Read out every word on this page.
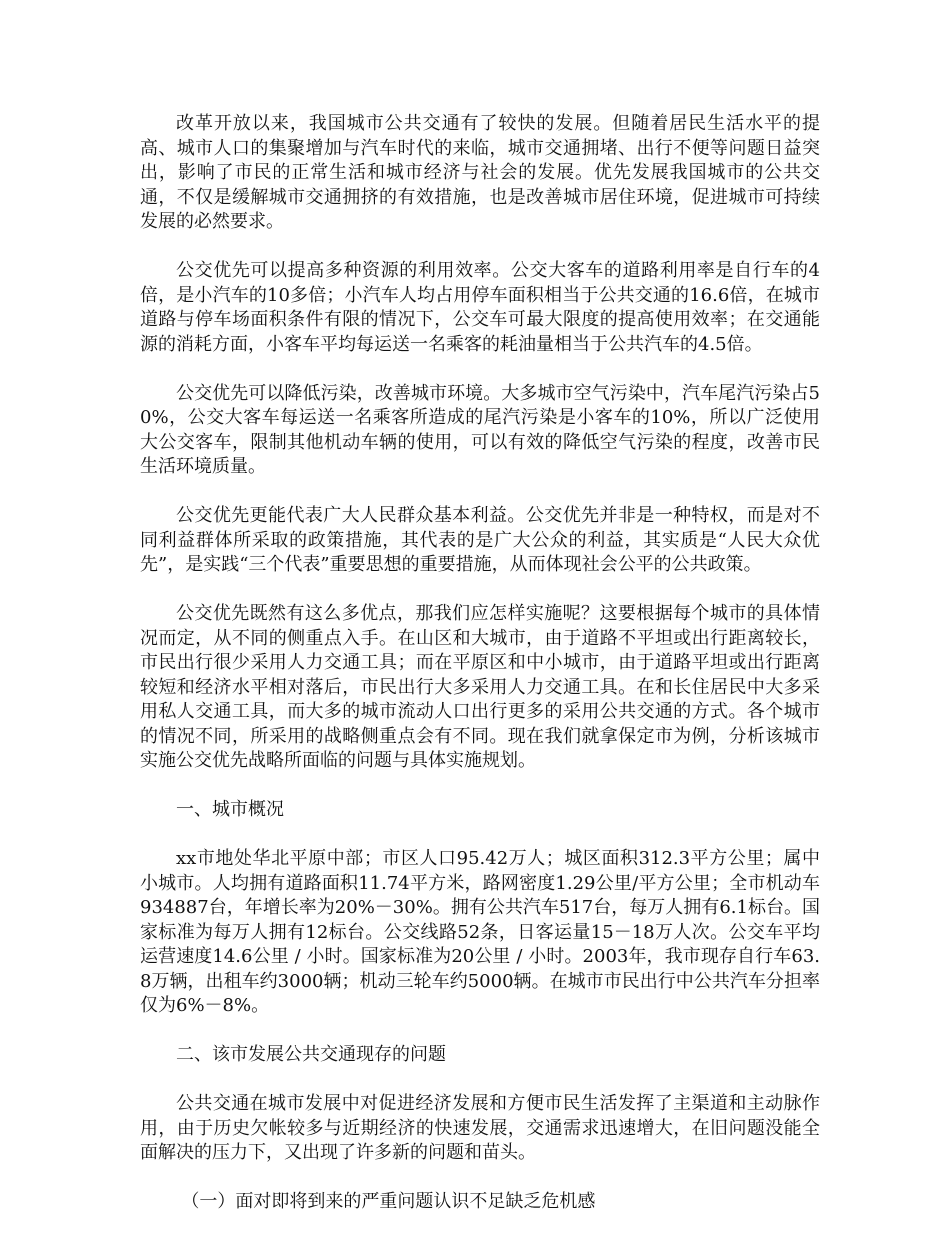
改革开放以来，我国城市公共交通有了较快的发展。但随着居民生活水平的提高、城市人口的集聚增加与汽车时代的来临，城市交通拥堵、出行不便等问题日益突出，影响了市民的正常生活和城市经济与社会的发展。优先发展我国城市的公共交通，不仅是缓解城市交通拥挤的有效措施，也是改善城市居住环境，促进城市可持续发展的必然要求。

公交优先可以提高多种资源的利用效率。公交大客车的道路利用率是自行车的4倍，是小汽车的10多倍；小汽车人均占用停车面积相当于公共交通的16.6倍，在城市道路与停车场面积条件有限的情况下，公交车可最大限度的提高使用效率；在交通能源的消耗方面，小客车平均每运送一名乘客的耗油量相当于公共汽车的4.5倍。

公交优先可以降低污染，改善城市环境。大多城市空气污染中，汽车尾汽污染占50%，公交大客车每运送一名乘客所造成的尾汽污染是小客车的10%，所以广泛使用大公交客车，限制其他机动车辆的使用，可以有效的降低空气污染的程度，改善市民生活环境质量。

公交优先更能代表广大人民群众基本利益。公交优先并非是一种特权，而是对不同利益群体所采取的政策措施，其代表的是广大公众的利益，其实质是“人民大众优先”，是实践“三个代表”重要思想的重要措施，从而体现社会公平的公共政策。

公交优先既然有这么多优点，那我们应怎样实施呢？这要根据每个城市的具体情况而定，从不同的侧重点入手。在山区和大城市，由于道路不平坦或出行距离较长，市民出行很少采用人力交通工具；而在平原区和中小城市，由于道路平坦或出行距离较短和经济水平相对落后，市民出行大多采用人力交通工具。在和长住居民中大多采用私人交通工具，而大多的城市流动人口出行更多的采用公共交通的方式。各个城市的情况不同，所采用的战略侧重点会有不同。现在我们就拿保定市为例，分析该城市实施公交优先战略所面临的问题与具体实施规划。

一、城市概况

xx市地处华北平原中部；市区人口95.42万人；城区面积312.3平方公里；属中小城市。人均拥有道路面积11.74平方米，路网密度1.29公里/平方公里；全市机动车934887台，年增长率为20%－30%。拥有公共汽车517台，每万人拥有6.1标台。国家标准为每万人拥有12标台。公交线路52条，日客运量15－18万人次。公交车平均运营速度14.6公里 / 小时。国家标准为20公里 / 小时。2003年，我市现存自行车63.8万辆，出租车约3000辆；机动三轮车约5000辆。在城市市民出行中公共汽车分担率仅为6%－8%。

二、该市发展公共交通现存的问题

公共交通在城市发展中对促进经济发展和方便市民生活发挥了主渠道和主动脉作用，由于历史欠帐较多与近期经济的快速发展，交通需求迅速增大，在旧问题没能全面解决的压力下，又出现了许多新的问题和苗头。

（一）面对即将到来的严重问题认识不足缺乏危机感
